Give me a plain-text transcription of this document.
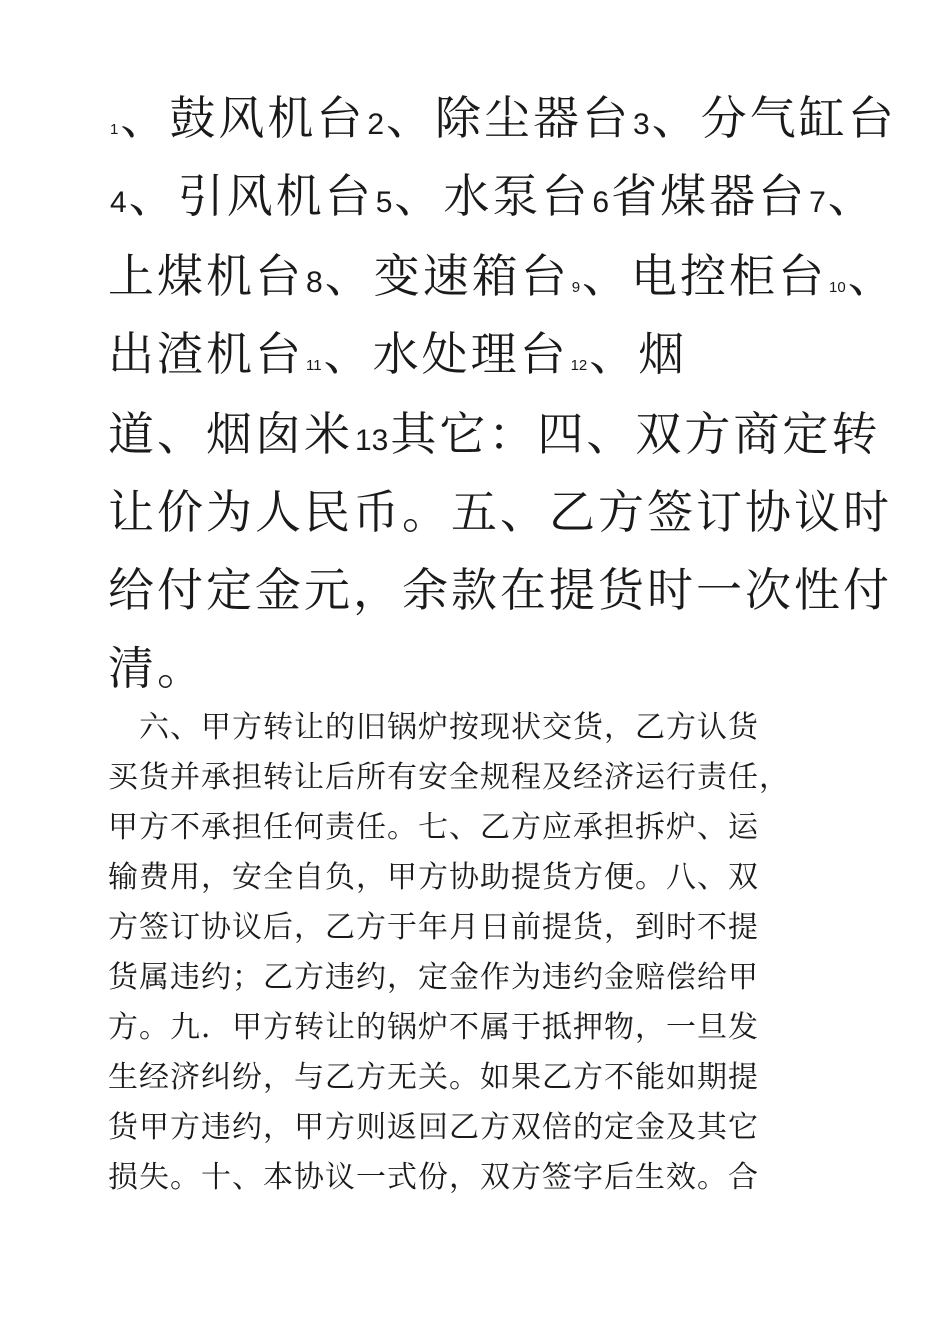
1、鼓风机台2、除尘器台3、分气缸台
4、引风机台5、水泵台6省煤器台7、
上煤机台8、变速箱台 9、电控柜台 10、
出渣机台 11、水处理台 12、烟
道、烟囱米13其它：四、双方商定转
让价为人民币。五、乙方签订协议时
给付定金元，余款在提货时一次性付
清。
　六、甲方转让的旧锅炉按现状交货，乙方认货
买货并承担转让后所有安全规程及经济运行责任，
甲方不承担任何责任。七、乙方应承担拆炉、运
输费用，安全自负，甲方协助提货方便。八、双
方签订协议后，乙方于年月日前提货，到时不提
货属违约；乙方违约，定金作为违约金赔偿给甲
方。九．甲方转让的锅炉不属于抵押物，一旦发
生经济纠纷，与乙方无关。如果乙方不能如期提
货甲方违约，甲方则返回乙方双倍的定金及其它
损失。十、本协议一式份，双方签字后生效。合
